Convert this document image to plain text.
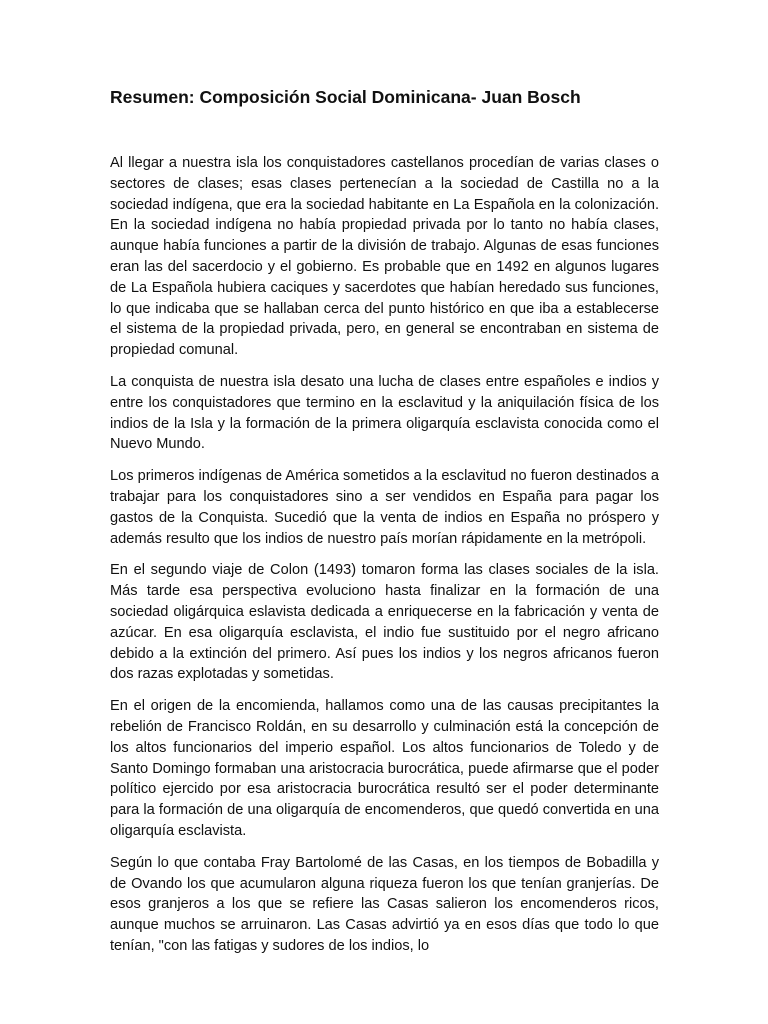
Resumen: Composición Social Dominicana- Juan Bosch

Al llegar a nuestra isla los conquistadores castellanos procedían de varias clases o sectores de clases; esas clases pertenecían a la sociedad de Castilla no a la sociedad indígena, que era la sociedad habitante en La Española en la colonización. En la sociedad indígena no había propiedad privada por lo tanto no había clases, aunque había funciones a partir de la división de trabajo. Algunas de esas funciones eran las del sacerdocio y el gobierno. Es probable que en 1492 en algunos lugares de La Española hubiera caciques y sacerdotes que habían heredado sus funciones, lo que indicaba que se hallaban cerca del punto histórico en que iba a establecerse el sistema de la propiedad privada, pero, en general se encontraban en sistema de propiedad comunal.

La conquista de nuestra isla desato una lucha de clases entre españoles e indios y entre los conquistadores que termino en la esclavitud y la aniquilación física de los indios de la Isla y la formación de la primera oligarquía esclavista conocida como el Nuevo Mundo.

Los primeros indígenas de América sometidos a la esclavitud no fueron destinados a trabajar para los conquistadores sino a ser vendidos en España para pagar los gastos de la Conquista. Sucedió que la venta de indios en España no próspero y además resulto que los indios de nuestro país morían rápidamente en la metrópoli.

En el segundo viaje de Colon (1493) tomaron forma las clases sociales de la isla. Más tarde esa perspectiva evoluciono hasta finalizar en la formación de una sociedad oligárquica eslavista dedicada a enriquecerse en la fabricación y venta de azúcar. En esa oligarquía esclavista, el indio fue sustituido por el negro africano debido a la extinción del primero. Así pues los indios y los negros africanos fueron dos razas explotadas y sometidas.

En el origen de la encomienda, hallamos como una de las causas precipitantes la rebelión de Francisco Roldán, en su desarrollo y culminación está la concepción de los altos funcionarios del imperio español. Los altos funcionarios de Toledo y de Santo Domingo formaban una aristocracia burocrática, puede afirmarse que el poder político ejercido por esa aristocracia burocrática resultó ser el poder determinante para la formación de una oligarquía de encomenderos, que quedó convertida en una oligarquía esclavista.

Según lo que contaba Fray Bartolomé de las Casas, en los tiempos de Bobadilla y de Ovando los que acumularon alguna riqueza fueron los que tenían granjerías. De esos granjeros a los que se refiere las Casas salieron los encomenderos ricos, aunque muchos se arruinaron. Las Casas advirtió ya en esos días que todo lo que tenían, "con las fatigas y sudores de los indios, lo
